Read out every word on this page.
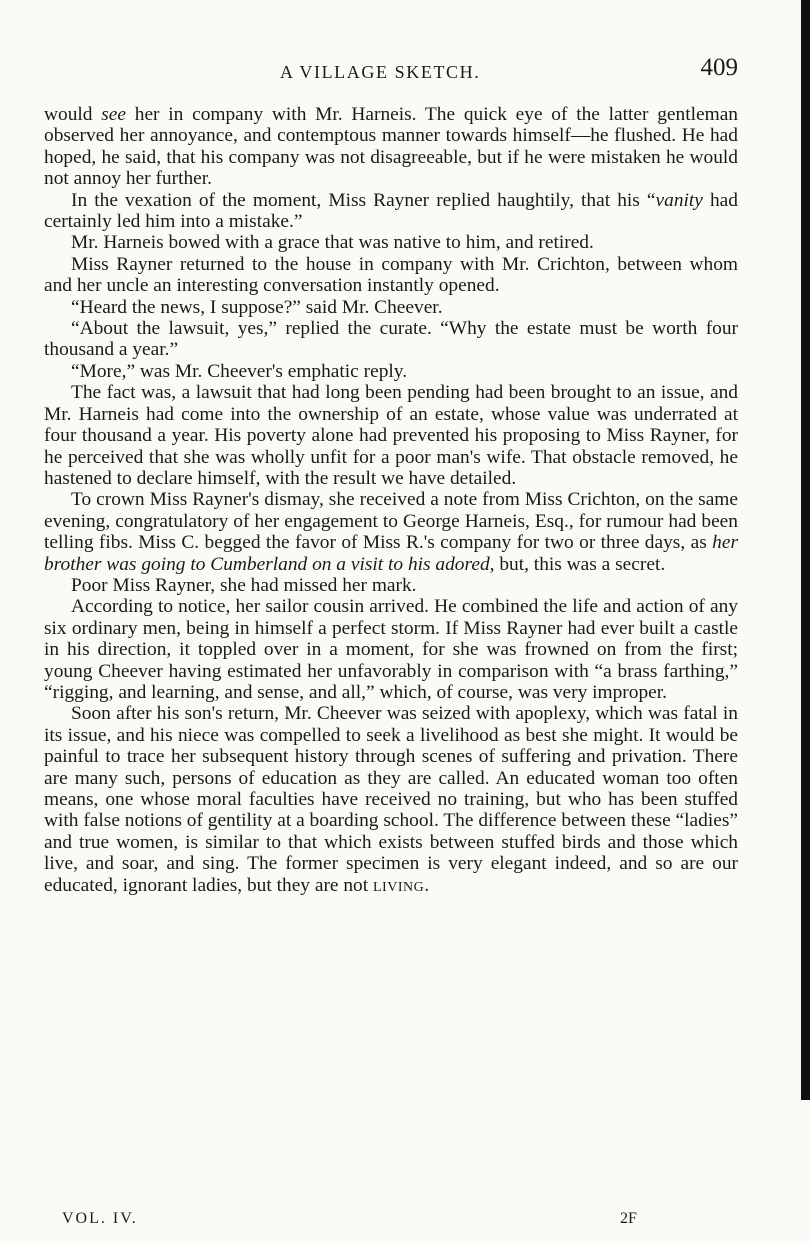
A VILLAGE SKETCH.	409

would see her in company with Mr. Harneis. The quick eye of the latter gentleman observed her annoyance, and contemptous manner towards himself—he flushed. He had hoped, he said, that his company was not disagreeable, but if he were mistaken he would not annoy her further.

In the vexation of the moment, Miss Rayner replied haughtily, that his “vanity had certainly led him into a mistake.”

Mr. Harneis bowed with a grace that was native to him, and retired.

Miss Rayner returned to the house in company with Mr. Crichton, between whom and her uncle an interesting conversation instantly opened.

“Heard the news, I suppose?” said Mr. Cheever.

“About the lawsuit, yes,” replied the curate. “Why the estate must be worth four thousand a year.”

“More,” was Mr. Cheever's emphatic reply.

The fact was, a lawsuit that had long been pending had been brought to an issue, and Mr. Harneis had come into the ownership of an estate, whose value was underrated at four thousand a year. His poverty alone had prevented his proposing to Miss Rayner, for he perceived that she was wholly unfit for a poor man's wife. That obstacle removed, he hastened to declare himself, with the result we have detailed.

To crown Miss Rayner's dismay, she received a note from Miss Crichton, on the same evening, congratulatory of her engagement to George Harneis, Esq., for rumour had been telling fibs. Miss C. begged the favor of Miss R.'s company for two or three days, as her brother was going to Cumberland on a visit to his adored, but, this was a secret.

Poor Miss Rayner, she had missed her mark.

According to notice, her sailor cousin arrived. He combined the life and action of any six ordinary men, being in himself a perfect storm. If Miss Rayner had ever built a castle in his direction, it toppled over in a moment, for she was frowned on from the first; young Cheever having estimated her unfavorably in comparison with “a brass farthing,” “rigging, and learning, and sense, and all,” which, of course, was very improper.

Soon after his son's return, Mr. Cheever was seized with apoplexy, which was fatal in its issue, and his niece was compelled to seek a livelihood as best she might. It would be painful to trace her subsequent history through scenes of suffering and privation. There are many such, persons of education as they are called. An educated woman too often means, one whose moral faculties have received no training, but who has been stuffed with false notions of gentility at a boarding school. The difference between these “ladies” and true women, is similar to that which exists between stuffed birds and those which live, and soar, and sing. The former specimen is very elegant indeed, and so are our educated, ignorant ladies, but they are not living.

VOL. IV.	2F
